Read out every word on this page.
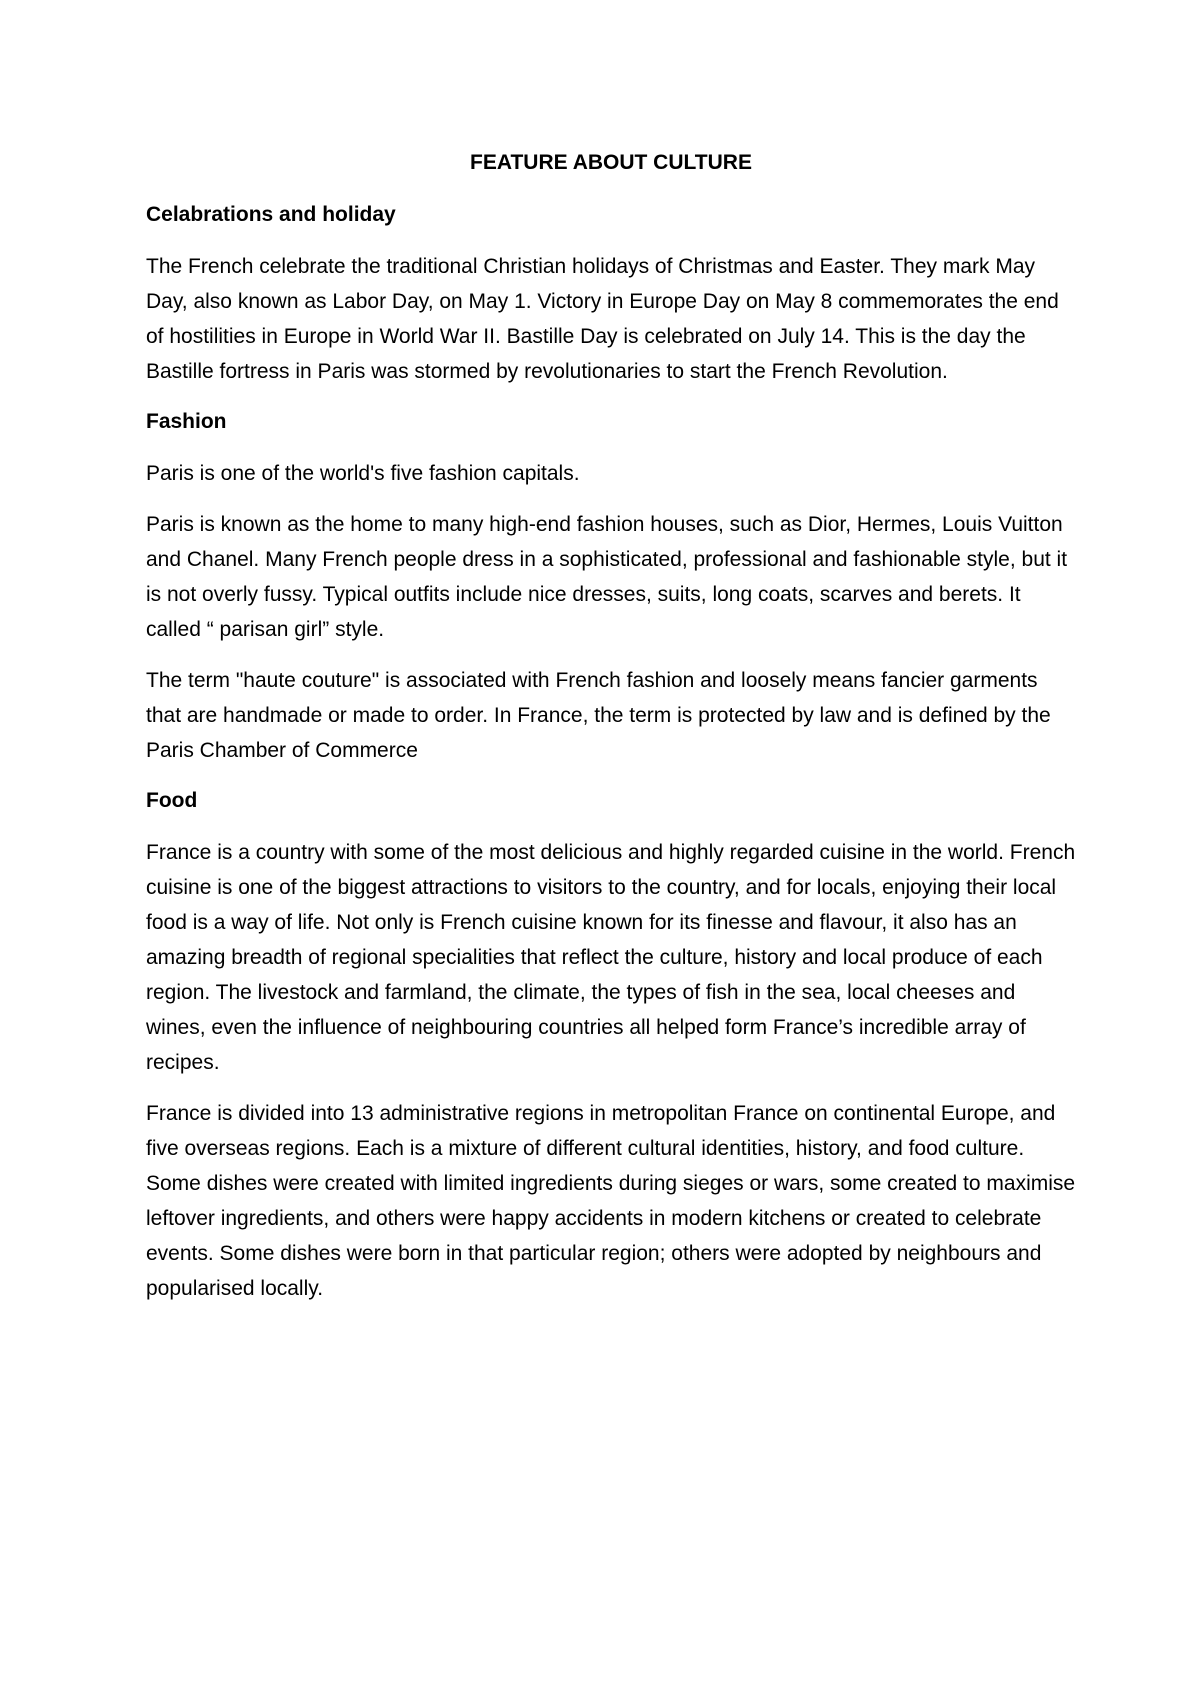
FEATURE ABOUT CULTURE
Celabrations and holiday
The French celebrate the traditional Christian holidays of Christmas and Easter. They mark May Day, also known as Labor Day, on May 1. Victory in Europe Day on May 8 commemorates the end of hostilities in Europe in World War II. Bastille Day is celebrated on July 14. This is the day the Bastille fortress in Paris was stormed by revolutionaries to start the French Revolution.
Fashion
Paris is one of the world's five fashion capitals.
Paris is known as the home to many high-end fashion houses, such as Dior, Hermes, Louis Vuitton and Chanel. Many French people dress in a sophisticated, professional and fashionable style, but it is not overly fussy. Typical outfits include nice dresses, suits, long coats, scarves and berets. It called “ parisan girl” style.
The term "haute couture" is associated with French fashion and loosely means fancier garments that are handmade or made to order. In France, the term is protected by law and is defined by the Paris Chamber of Commerce
Food
France is a country with some of the most delicious and highly regarded cuisine in the world. French cuisine is one of the biggest attractions to visitors to the country, and for locals, enjoying their local food is a way of life. Not only is French cuisine known for its finesse and flavour, it also has an amazing breadth of regional specialities that reflect the culture, history and local produce of each region. The livestock and farmland, the climate, the types of fish in the sea, local cheeses and wines, even the influence of neighbouring countries all helped form France’s incredible array of recipes.
France is divided into 13 administrative regions in metropolitan France on continental Europe, and five overseas regions. Each is a mixture of different cultural identities, history, and food culture. Some dishes were created with limited ingredients during sieges or wars, some created to maximise leftover ingredients, and others were happy accidents in modern kitchens or created to celebrate events. Some dishes were born in that particular region; others were adopted by neighbours and popularised locally.
